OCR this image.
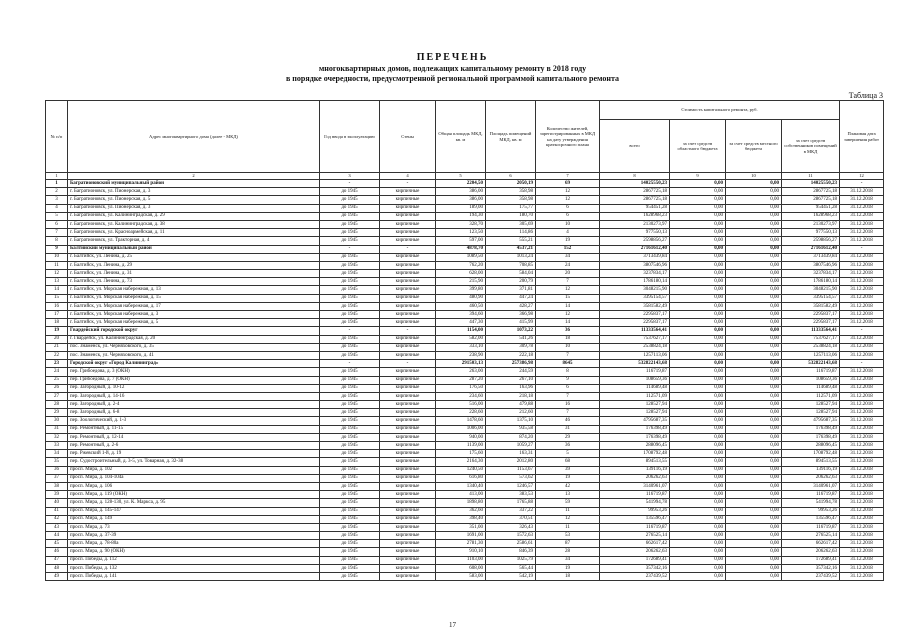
ПЕРЕЧЕНЬ
многоквартирных домов, подлежащих капитальному ремонту в 2018 году
в порядке очередности, предусмотренной региональной программой капитального ремонта
Таблица 3
№ п/п	Адрес многоквартирного дома (далее - МКД)	Год ввода в эксплуатацию	Стены	Общая площадь МКД, кв. м	Площадь помещений МКД, кв. м	Количество жителей, зарегистрированных в МКД на дату утверждения краткосрочного плана	Стоимость капитального ремонта, руб.				Плановая дата завершения работ
							всего	за счет средств областного бюджета	за счет средств местного бюджета	за счет средств собственников помещений в МКД	
1	2	3	4	5	6	7	8	9	10	11	12
1	Багратионовский муниципальный район	-	-	2204,50	2050,19	69	14025550,23	0,00	0,00	14025550,23	-
2	г. Багратионовск, ул. Пионерская, д. 3	до 1945	кирпичные	386,00	358,98	12	2867725,18	0,00	0,00	2867725,18	31.12.2018
3	г. Багратионовск, ул. Пионерская, д. 5	до 1945	кирпичные	386,00	358,98	12	2867725,18	0,00	0,00	2867725,18	31.12.2018
4	г. Багратионовск, ул. Пионерская, д. 3	до 1945	кирпичные	189,00	175,77	6	954451,28	0,00	0,00	954451,28	31.12.2018
5	г. Багратионовск, ул. Калининградская, д. 29	до 1945	кирпичные	194,30	180,70	6	1628968,23	0,00	0,00	1628968,23	31.12.2018
6	г. Багратионовск, ул. Калининградская, д. 38	до 1945	кирпичные	328,70	305,69	10	2130273,97	0,00	0,00	2130273,97	31.12.2018
7	г. Багратионовск, ул. Красноармейская, д. 11	до 1945	кирпичные	123,50	114,86	4	977550,13	0,00	0,00	977550,13	31.12.2018
8	г. Багратионовск, ул. Тракторная, д. 4	до 1945	кирпичные	597,00	555,21	19	2598856,27	0,00	0,00	2598856,27	31.12.2018
9	Балтийский муниципальный район	-	-	4878,70	4537,21	152	27161612,40	0,00	0,00	27161612,40	-
10	г. Балтийск, ул. Ленина, д. 25	до 1945	кирпичные	1089,50	1013,24	34	3713439,84	0,00	0,00	3713439,84	31.12.2018
11	г. Балтийск, ул. Ленина, д. 29	до 1945	кирпичные	762,20	708,85	24	3807546,96	0,00	0,00	3807546,96	31.12.2018
12	г. Балтийск, ул. Ленина, д. 31	до 1945	кирпичные	628,00	584,04	20	3237834,17	0,00	0,00	3237834,17	31.12.2018
13	г. Балтийск, ул. Ленина, д. 73	до 1945	кирпичные	215,90	200,79	7	1786180,14	0,00	0,00	1786180,14	31.12.2018
14	г. Балтийск, ул. Морская набережная, д. 13	до 1945	кирпичные	399,80	371,81	12	3048215,90	0,00	0,00	3048215,90	31.12.2018
15	г. Балтийск, ул. Морская набережная, д. 15	до 1945	кирпичные	480,90	447,24	15	3395154,57	0,00	0,00	3395154,57	31.12.2018
16	г. Балтийск, ул. Морская набережная, д. 17	до 1945	кирпичные	460,50	428,27	14	3581582,49	0,00	0,00	3581582,49	31.12.2018
17	г. Балтийск, ул. Морская набережная, д. 3	до 1945	кирпичные	394,60	366,98	12	2295837,17	0,00	0,00	2295837,17	31.12.2018
18	г. Балтийск, ул. Морская набережная, д. 5	до 1945	кирпичные	447,30	415,99	14	2295837,17	0,00	0,00	2295837,17	31.12.2018
19	Гвардейский городской округ	-	-	1154,00	1073,22	36	11333564,41	0,00	0,00	11333564,41	-
20	г. Гвардейск, ул. Калининградская, д. 20	до 1945	кирпичные	582,00	541,26	18	7537627,17	0,00	0,00	7537627,17	31.12.2018
21	пос. Знаменск, ул. Черняховского, д. 35	до 1945	кирпичные	333,10	309,78	10	2538824,18	0,00	0,00	2538824,18	31.12.2018
22	пос. Знаменск, ул. Черняховского, д. 41	до 1945	кирпичные	238,90	222,18	7	1257113,06	0,00	0,00	1257113,06	31.12.2018
23	Городской округ «Город Калининград»	-	-	291503,13	257386,98	8645	532822143,68	0,00	0,00	532822143,68	-
24	пер. Грибоедова, д. 3 (ОКН)	до 1945	кирпичные	263,00	244,59	8	116719,87	0,00	0,00	116719,87	31.12.2018
25	пер. Грибоедова, д. 7 (ОКН)	до 1945	кирпичные	287,20	267,10	9	108659,36	0,00	0,00	108659,36	31.12.2018
26	пер. Загородный, д. 10-12	до 1945	кирпичные	176,50	163,96	6	114689,48	0,00	0,00	114689,48	31.12.2018
27	пер. Загородный, д. 14-16	до 1945	кирпичные	234,60	218,18	7	112571,09	0,00	0,00	112571,09	31.12.2018
28	пер. Загородный, д. 2-4	до 1945	кирпичные	516,00	479,88	16	128527,94	0,00	0,00	128527,94	31.12.2018
29	пер. Загородный, д. 6-8	до 1945	кирпичные	228,60	212,60	7	128527,94	0,00	0,00	128527,94	31.12.2018
30	пер. Зоологический, д. 1-3	до 1945	кирпичные	1478,60	1375,10	46	4795687,35	0,00	0,00	4795687,35	31.12.2018
31	пер. Ремонтный, д. 11-15	до 1945	кирпичные	1006,00	935,58	31	176398,49	0,00	0,00	176398,49	31.12.2018
32	пер. Ремонтный, д. 12-14	до 1945	кирпичные	940,00	874,20	29	176398,49	0,00	0,00	176398,49	31.12.2018
33	пер. Ремонтный, д. 2-6	до 1945	кирпичные	1139,00	1059,27	36	288096,45	0,00	0,00	288096,45	31.12.2018
34	пер. Ржевский 1-й, д. 19	до 1945	кирпичные	175,60	163,31	5	1708792,48	0,00	0,00	1708792,48	31.12.2018
35	пер. Судостроительный, д. 3-5, ул. Товарная, д. 32-38	до 1945	кирпичные	2164,30	2012,80	68	894513,55	0,00	0,00	894513,55	31.12.2018
36	просп. Мира, д. 102	до 1945	кирпичные	1240,50	1153,67	39	139116,19	0,00	0,00	139116,19	31.12.2018
37	просп. Мира, д. 104-104а	до 1945	кирпичные	616,80	573,62	19	206262,63	0,00	0,00	206262,63	31.12.2018
38	просп. Мира, д. 106	до 1945	кирпичные	1340,40	1246,57	42	3140961,07	0,00	0,00	3140961,07	31.12.2018
39	просп. Мира, д. 119 (ОКН)	до 1945	кирпичные	413,00	383,53	13	116719,87	0,00	0,00	116719,87	31.12.2018
40	просп. Мира, д. 128-130, ул. К. Маркса, д. 95	до 1945	кирпичные	1898,80	1765,88	59	541994,78	0,00	0,00	541994,78	31.12.2018
41	просп. Мира, д. 145-147	до 1945	кирпичные	362,60	337,22	11	99953,26	0,00	0,00	99953,26	31.12.2018
42	просп. Мира, д. 149	до 1945	кирпичные	398,40	370,51	12	135596,47	0,00	0,00	135596,47	31.12.2018
43	просп. Мира, д. 73	до 1945	кирпичные	351,00	326,43	11	116719,87	0,00	0,00	116719,87	31.12.2018
44	просп. Мира, д. 37-39	до 1945	кирпичные	1691,00	1572,63	53	276525,14	0,00	0,00	276525,14	31.12.2018
45	просп. Мира, д. 78-80а	до 1945	кирпичные	2781,30	2586,61	87	662617,42	0,00	0,00	662617,42	31.12.2018
46	просп. Мира, д. 90 (ОКН)	до 1945	кирпичные	910,10	846,39	28	206262,63	0,00	0,00	206262,63	31.12.2018
47	просп. Победы, д. 112	до 1945	кирпичные	1103,00	1025,79	34	172689,41	0,00	0,00	172689,41	31.12.2018
48	просп. Победы, д. 132	до 1945	кирпичные	608,00	565,44	19	357342,16	0,00	0,00	357342,16	31.12.2018
49	просп. Победы, д. 141	до 1945	кирпичные	583,00	542,19	18	237439,52	0,00	0,00	237439,52	31.12.2018
17
